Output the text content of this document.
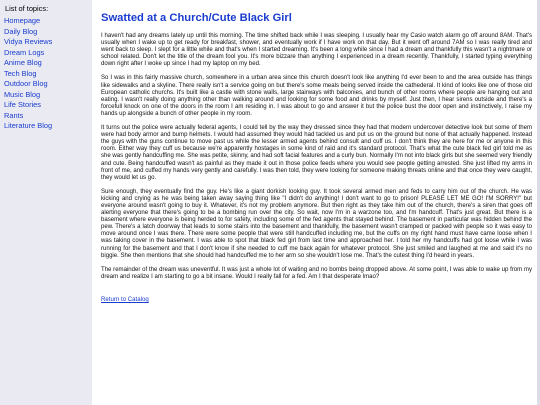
List of topics:
Homepage
Daily Blog
Vidya Reviews
Dream Logs
Anime Blog
Tech Blog
Outdoor Blog
Music Blog
Life Stories
Rants
Literature Blog
Swatted at a Church/Cute Black Girl

I haven't had any dreams lately up until this morning. The time shifted back while I was sleeping. I usually hear my Casio watch alarm go off around 8AM. That's usually when I wake up to get ready for breakfast, shower, and eventually work if I have work on that day. But it went off around 7AM so I was really tired and went back to sleep. I slept for a little while and that's when I started dreaming. It's been a long while since I had a dream and thankfully this wasn't a nightmare or school related. Don't let the title of the dream fool you. It's more bizzare than anything I experienced in a dream recently. Thankfully, I started typing everything down right after I woke up since I had my laptop on my bed.

So I was in this fairly massive church, somewhere in a urban area since this church doesn't look like anything I'd ever been to and the area outside has things like sidewalks and a skyline. There really isn't a service going on but there's some meals being served inside the cathederal. It kind of looks like one of those old European catholic churchs. It's built like a castle with stone walls, large stairways with balconies, and bunch of other rooms where people are hanging out and eating. I wasn't really doing anything other than walking around and looking for some food and drinks by myself. Just then, I hear sirens outside and there's a forcefull knock on one of the doors in the room I am residing in. I was about to go and answer it but the police bust the door open and instinctively, I raise my hands up alongside a bunch of other people in my room.

It turns out the police were actually federal agents, I could tell by the way they dressed since they had that modern undercover detective look but some of them were had body armor and bump helmets. I would had assumed they would had tackled us and put us on the ground but none of that actually happened. Instead the guys with the guns continue to move past us while the lesser armed agents behind consult and cuff us. I don't think they are here for me or anyone in this room. Either way they cuff us because we're apparently hostages in some kind of raid and it's standard protocol. That's what the cute black fed girl told me as she was gently handcuffing me. She was petite, skinny, and had soft facial features and a curly bun. Normally I'm not into black girls but she seemed very friendly and cute. Being handcuffed wasn't as painful as they made it out in those police feeds where you would see people getting arrested. She just lifted my arms in front of me, and cuffed my hands very gently and carefully. I was then told, they were looking for someone making threats online and that once they were caught, they would let us go.

Sure enough, they eventually find the guy. He's like a giant dorkish looking guy. It took several armed men and feds to carry him out of the church. He was kicking and crying as he was being taken away saying thing like "I didn't do anything! I don't want to go to prison! PLEASE LET ME GO! I'M SORRY!" but everyone around wasn't going to buy it. Whatever, it's not my problem anymore. But then right as they take him out of the church, there's a siren that goes off alerting everyone that there's going to be a bombing run over the city. So wait, now I'm in a warzone too, and I'm handcuff. That's just great. But there is a basement where everyone is being herded to for safety, including some of the fed agents that stayed behind. The basement in particular was hidden behind the pew. There's a latch doorway that leads to some stairs into the basement and thankfully, the basement wasn't cramped or packed with people so it was easy to move around once I was there. There were some people that were still handcuffed including me, but the cuffs on my right hand must have came loose when I was taking cover in the basement. I was able to spot that black fed girl from last time and approached her. I told her my handcuffs had got loose while I was running for the basement and that I don't know if she needed to cuff me back again for whatever protocol. She just smiled and laughed at me and said it's no biggie. She then mentions that she should had handcuffed me to her arm so she wouldn't lose me. That's the cutest thing I'd heard in years.

The remainder of the dream was uneventful. It was just a whole lot of waiting and no bombs being dropped above. At some point, I was able to wake up from my dream and realize I am starting to go a bit insane. Would I really fall for a fed. Am I that desperate lmao?

Return to Catalog
